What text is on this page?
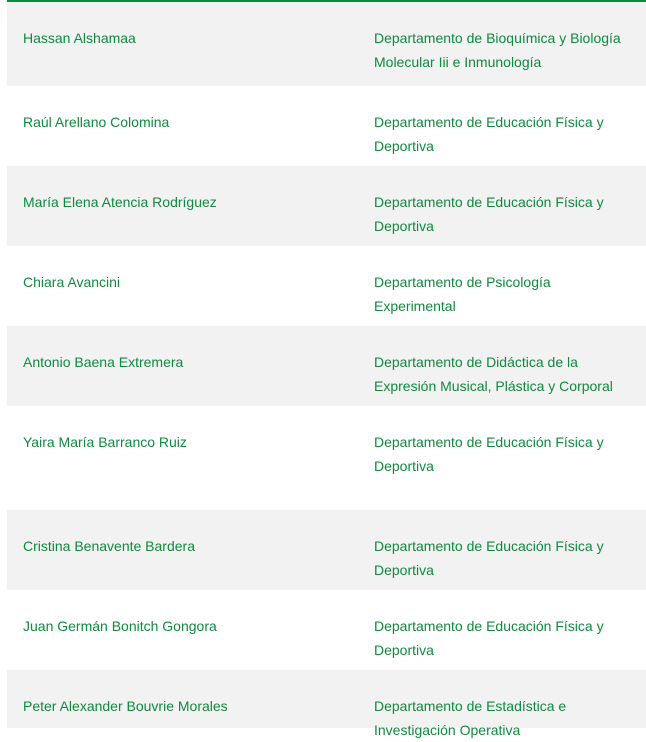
Hassan Alshamaa	Departamento de Bioquímica y Biología
Molecular Iii e Inmunología
Raúl Arellano Colomina	Departamento de Educación Física y
Deportiva
María Elena Atencia Rodríguez	Departamento de Educación Física y
Deportiva
Chiara Avancini	Departamento de Psicología
Experimental
Antonio Baena Extremera	Departamento de Didáctica de la
Expresión Musical, Plástica y Corporal
Yaira María Barranco Ruiz	Departamento de Educación Física y
Deportiva
Cristina Benavente Bardera	Departamento de Educación Física y
Deportiva
Juan Germán Bonitch Gongora	Departamento de Educación Física y
Deportiva
Peter Alexander Bouvrie Morales	Departamento de Estadística e
Investigación Operativa
